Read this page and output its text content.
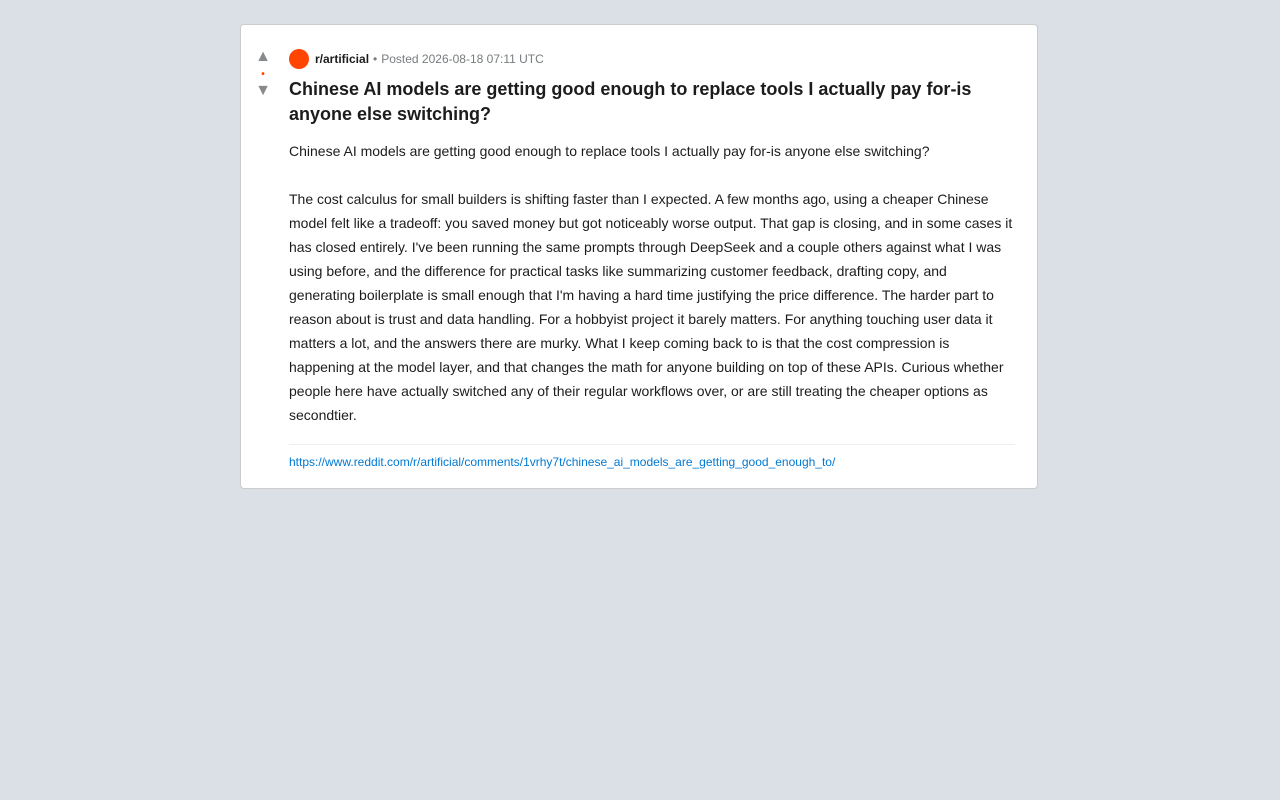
▲
•
▼
r/artificial • Posted 2026-08-18 07:11 UTC
Chinese AI models are getting good enough to replace tools I actually pay for-is anyone else switching?

Chinese AI models are getting good enough to replace tools I actually pay for-is anyone else switching?

The cost calculus for small builders is shifting faster than I expected. A few months ago, using a cheaper Chinese model felt like a tradeoff: you saved money but got noticeably worse output. That gap is closing, and in some cases it has closed entirely. I've been running the same prompts through DeepSeek and a couple others against what I was using before, and the difference for practical tasks like summarizing customer feedback, drafting copy, and generating boilerplate is small enough that I'm having a hard time justifying the price difference. The harder part to reason about is trust and data handling. For a hobbyist project it barely matters. For anything touching user data it matters a lot, and the answers there are murky. What I keep coming back to is that the cost compression is happening at the model layer, and that changes the math for anyone building on top of these APIs. Curious whether people here have actually switched any of their regular workflows over, or are still treating the cheaper options as secondtier.

https://www.reddit.com/r/artificial/comments/1vrhy7t/chinese_ai_models_are_getting_good_enough_to/
